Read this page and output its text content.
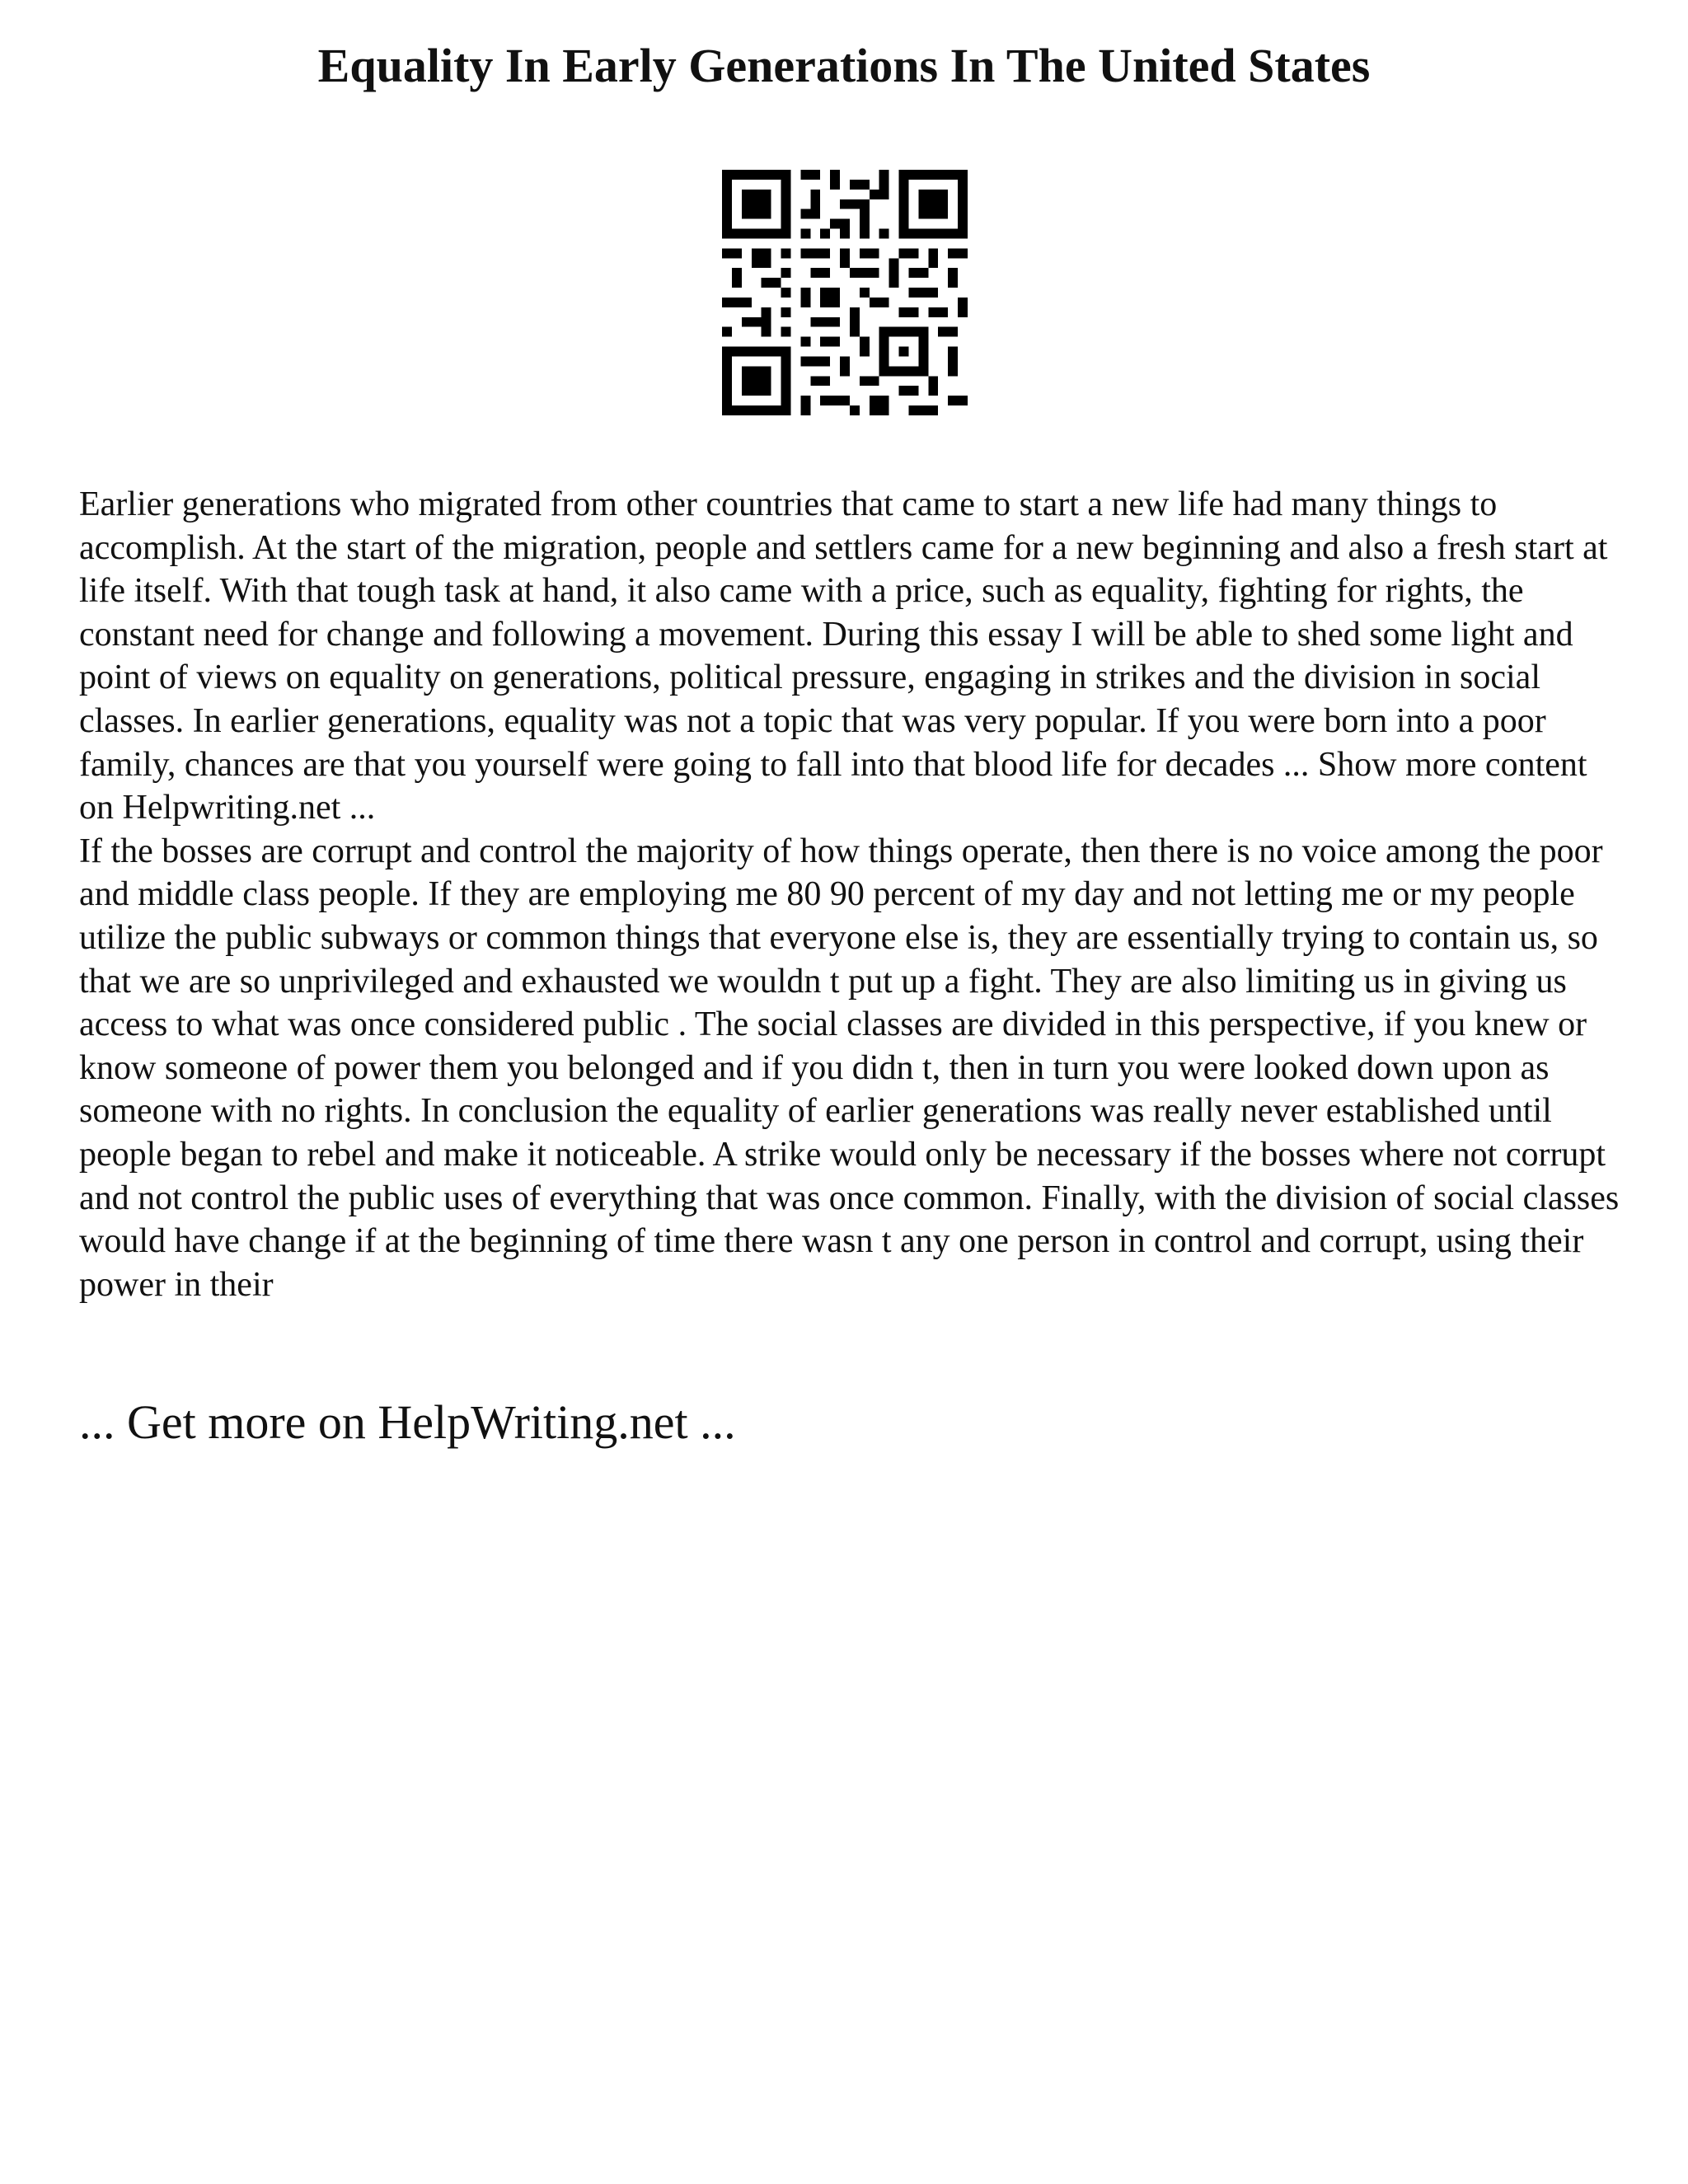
Equality In Early Generations In The United States

Earlier generations who migrated from other countries that came to start a new life had many things to accomplish. At the start of the migration, people and settlers came for a new beginning and also a fresh start at life itself. With that tough task at hand, it also came with a price, such as equality, fighting for rights, the constant need for change and following a movement. During this essay I will be able to shed some light and point of views on equality on generations, political pressure, engaging in strikes and the division in social classes. In earlier generations, equality was not a topic that was very popular. If you were born into a poor family, chances are that you yourself were going to fall into that blood life for decades ... Show more content on Helpwriting.net ...

If the bosses are corrupt and control the majority of how things operate, then there is no voice among the poor and middle class people. If they are employing me 80 90 percent of my day and not letting me or my people utilize the public subways or common things that everyone else is, they are essentially trying to contain us, so that we are so unprivileged and exhausted we wouldn t put up a fight. They are also limiting us in giving us access to what was once considered public . The social classes are divided in this perspective, if you knew or know someone of power them you belonged and if you didn t, then in turn you were looked down upon as someone with no rights. In conclusion the equality of earlier generations was really never established until people began to rebel and make it noticeable. A strike would only be necessary if the bosses where not corrupt and not control the public uses of everything that was once common. Finally, with the division of social classes would have change if at the beginning of time there wasn t any one person in control and corrupt, using their power in their

... Get more on HelpWriting.net ...
